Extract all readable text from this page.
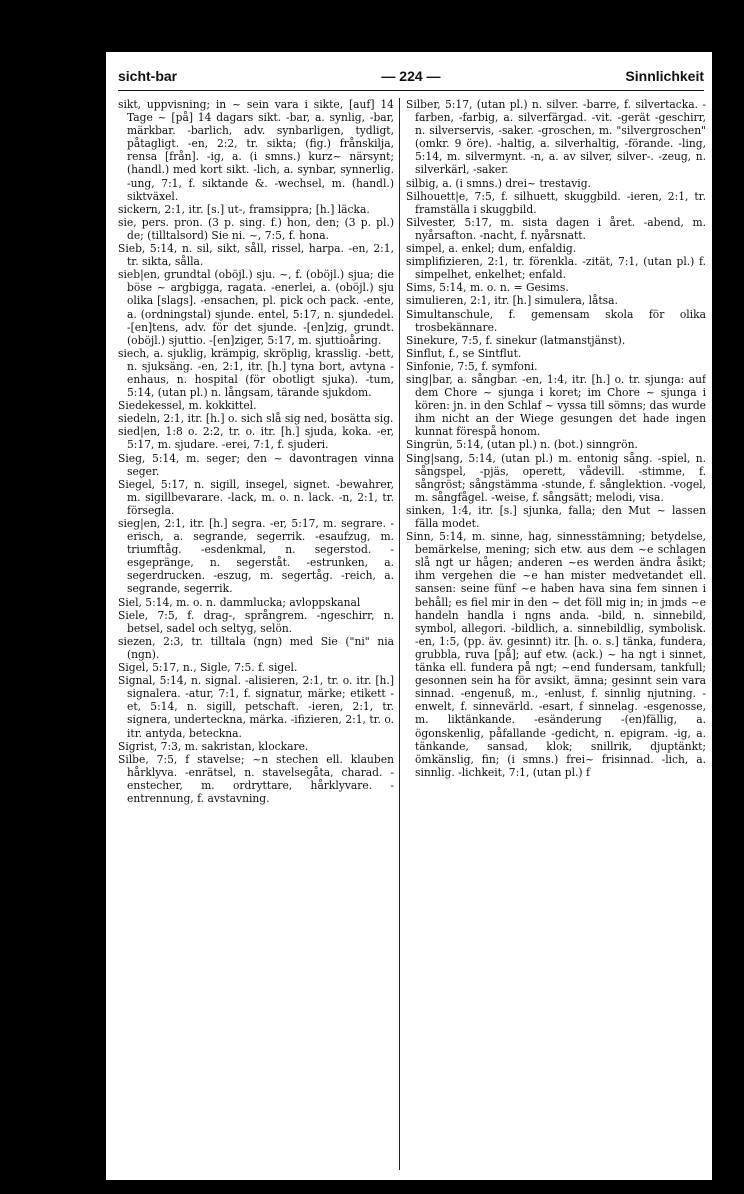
sicht-bar	— 224 —	Sinnlichkeit

sikt, uppvisning; in ~ sein vara i sikte, [auf] 14 Tage ~ [på] 14 dagars sikt. -bar, a. synlig, -bar, märkbar. -barlich, adv. synbarligen, tydligt, påtagligt. -en, 2:2, tr. sikta; (fig.) frånskilja, rensa [från]. -ig, a. (i smns.) kurz~ närsynt; (handl.) med kort sikt. -lich, a. synbar, synnerlig. -ung, 7:1, f. siktande &. -wechsel, m. (handl.) siktväxel.

sickern, 2:1, itr. [s.] ut-, framsippra; [h.] läcka.

sie, pers. pron. (3 p. sing. f.) hon, den; (3 p. pl.) de; (tilltalsord) Sie ni. ~, 7:5, f. hona.

Sieb, 5:14, n. sil, sikt, såll, rissel, harpa. -en, 2:1, tr. sikta, sålla.

sieb|en, grundtal (oböjl.) sju. ~, f. (oböjl.) sjua; die böse ~ argbigga, ragata. -enerlei, a. (oböjl.) sju olika [slags]. -ensachen, pl. pick och pack. -ente, a. (ordningstal) sjunde. entel, 5:17, n. sjundedel. -[en]tens, adv. för det sjunde. -[en]zig, grundt. (oböjl.) sjuttio. -[en]ziger, 5:17, m. sjuttioåring.

siech, a. sjuklig, krämpig, skröplig, krasslig. -bett, n. sjuksäng. -en, 2:1, itr. [h.] tyna bort, avtyna -enhaus, n. hospital (för obotligt sjuka). -tum, 5:14, (utan pl.) n. långsam, tärande sjukdom.

Siedekessel, m. kokkittel.

siedeln, 2:1, itr. [h.] o. sich slå sig ned, bosätta sig.

sied|en, 1:8 o. 2:2, tr. o. itr. [h.] sjuda, koka. -er, 5:17, m. sjudare. -erei, 7:1, f. sjuderi.

Sieg, 5:14, m. seger; den ~ davontragen vinna seger.

Siegel, 5:17, n. sigill, insegel, signet. -bewahrer, m. sigillbevarare. -lack, m. o. n. lack. -n, 2:1, tr. försegla.

sieg|en, 2:1, itr. [h.] segra. -er, 5:17, m. segrare. -erisch, a. segrande, segerrik. -esaufzug, m. triumftåg. -esdenkmal, n. segerstod. -esgepränge, n. segerståt. -estrunken, a. segerdrucken. -eszug, m. segertåg. -reich, a. segrande, segerrik.

Siel, 5:14, m. o. n. dammlucka; avloppskanal

Siele, 7:5, f. drag-, språngrem. -ngeschirr, n. betsel, sadel och seltyg, selön.

siezen, 2:3, tr. tilltala (ngn) med Sie ("ni" nia (ngn).

Sigel, 5:17, n., Sigle, 7:5. f. sigel.

Signal, 5:14, n. signal. -alisieren, 2:1, tr. o. itr. [h.] signalera. -atur, 7:1, f. signatur, märke; etikett -et, 5:14, n. sigill, petschaft. -ieren, 2:1, tr. signera, underteckna, märka. -ifizieren, 2:1, tr. o. itr. antyda, beteckna.

Sigrist, 7:3, m. sakristan, klockare.

Silbe, 7:5, f stavelse; ~n stechen ell. klauben hårklyva. -enrätsel, n. stavelsegåta, charad. -enstecher, m. ordryttare, hårklyvare. -entrennung, f. avstavning.

Silber, 5:17, (utan pl.) n. silver. -barre, f. silvertacka. -farben, -farbig, a. silverfärgad. -vit. -gerät -geschirr, n. silverservis, -saker. -groschen, m. "silvergroschen" (omkr. 9 öre). -haltig, a. silverhaltig, -förande. -ling, 5:14, m. silvermynt. -n, a. av silver, silver-. -zeug, n. silverkärl, -saker.

silbig, a. (i smns.) drei~ trestavig.

Silhouett|e, 7:5, f. silhuett, skuggbild. -ieren, 2:1, tr. framställa i skuggbild.

Silvester, 5:17, m. sista dagen i året. -abend, m. nyårsafton. -nacht, f. nyårsnatt.

simpel, a. enkel; dum, enfaldig.

simplifizieren, 2:1, tr. förenkla. -zität, 7:1, (utan pl.) f. simpelhet, enkelhet; enfald.

Sims, 5:14, m. o. n. = Gesims.

simulieren, 2:1, itr. [h.] simulera, låtsa.

Simultanschule, f. gemensam skola för olika trosbekännare.

Sinekure, 7:5, f. sinekur (latmanstjänst).

Sinflut, f., se Sintflut.

Sinfonie, 7:5, f. symfoni.

sing|bar, a. sångbar. -en, 1:4, itr. [h.] o. tr. sjunga: auf dem Chore ~ sjunga i koret; im Chore ~ sjunga i kören: jn. in den Schlaf ~ vyssa till sömns; das wurde ihm nicht an der Wiege gesungen det hade ingen kunnat förespå honom.

Singrün, 5:14, (utan pl.) n. (bot.) sinngrön.

Sing|sang, 5:14, (utan pl.) m. entonig sång. -spiel, n. sångspel, -pjäs, operett, vådevill. -stimme, f. sångröst; sångstämma -stunde, f. sånglektion. -vogel, m. sångfågel. -weise, f. sångsätt; melodi, visa.

sinken, 1:4, itr. [s.] sjunka, falla; den Mut ~ lassen fälla modet.

Sinn, 5:14, m. sinne, hag, sinnesstämning; betydelse, bemärkelse, mening; sich etw. aus dem ~e schlagen slå ngt ur hågen; anderen ~es werden ändra åsikt; ihm vergehen die ~e han mister medvetandet ell. sansen: seine fünf ~e haben hava sina fem sinnen i behåll; es fiel mir in den ~ det föll mig in; in jmds ~e handeln handla i ngns anda. -bild, n. sinnebild, symbol, allegori. -bildlich, a. sinnebildlig, symbolisk. -en, 1:5, (pp. äv. gesinnt) itr. [h. o. s.] tänka, fundera, grubbla, ruva [på]; auf etw. (ack.) ~ ha ngt i sinnet, tänka ell. fundera på ngt; ~end fundersam, tankfull; gesonnen sein ha för avsikt, ämna; gesinnt sein vara sinnad. -engenuß, m., -enlust, f. sinnlig njutning. -enwelt, f. sinnevärld. -esart, f sinnelag. -esgenosse, m. liktänkande. -esänderung -(en)fällig, a. ögonskenlig, påfallande -gedicht, n. epigram. -ig, a. tänkande, sansad, klok; snillrik, djuptänkt; ömkänslig, fin; (i smns.) frei~ frisinnad. -lich, a. sinnlig. -lichkeit, 7:1, (utan pl.) f
